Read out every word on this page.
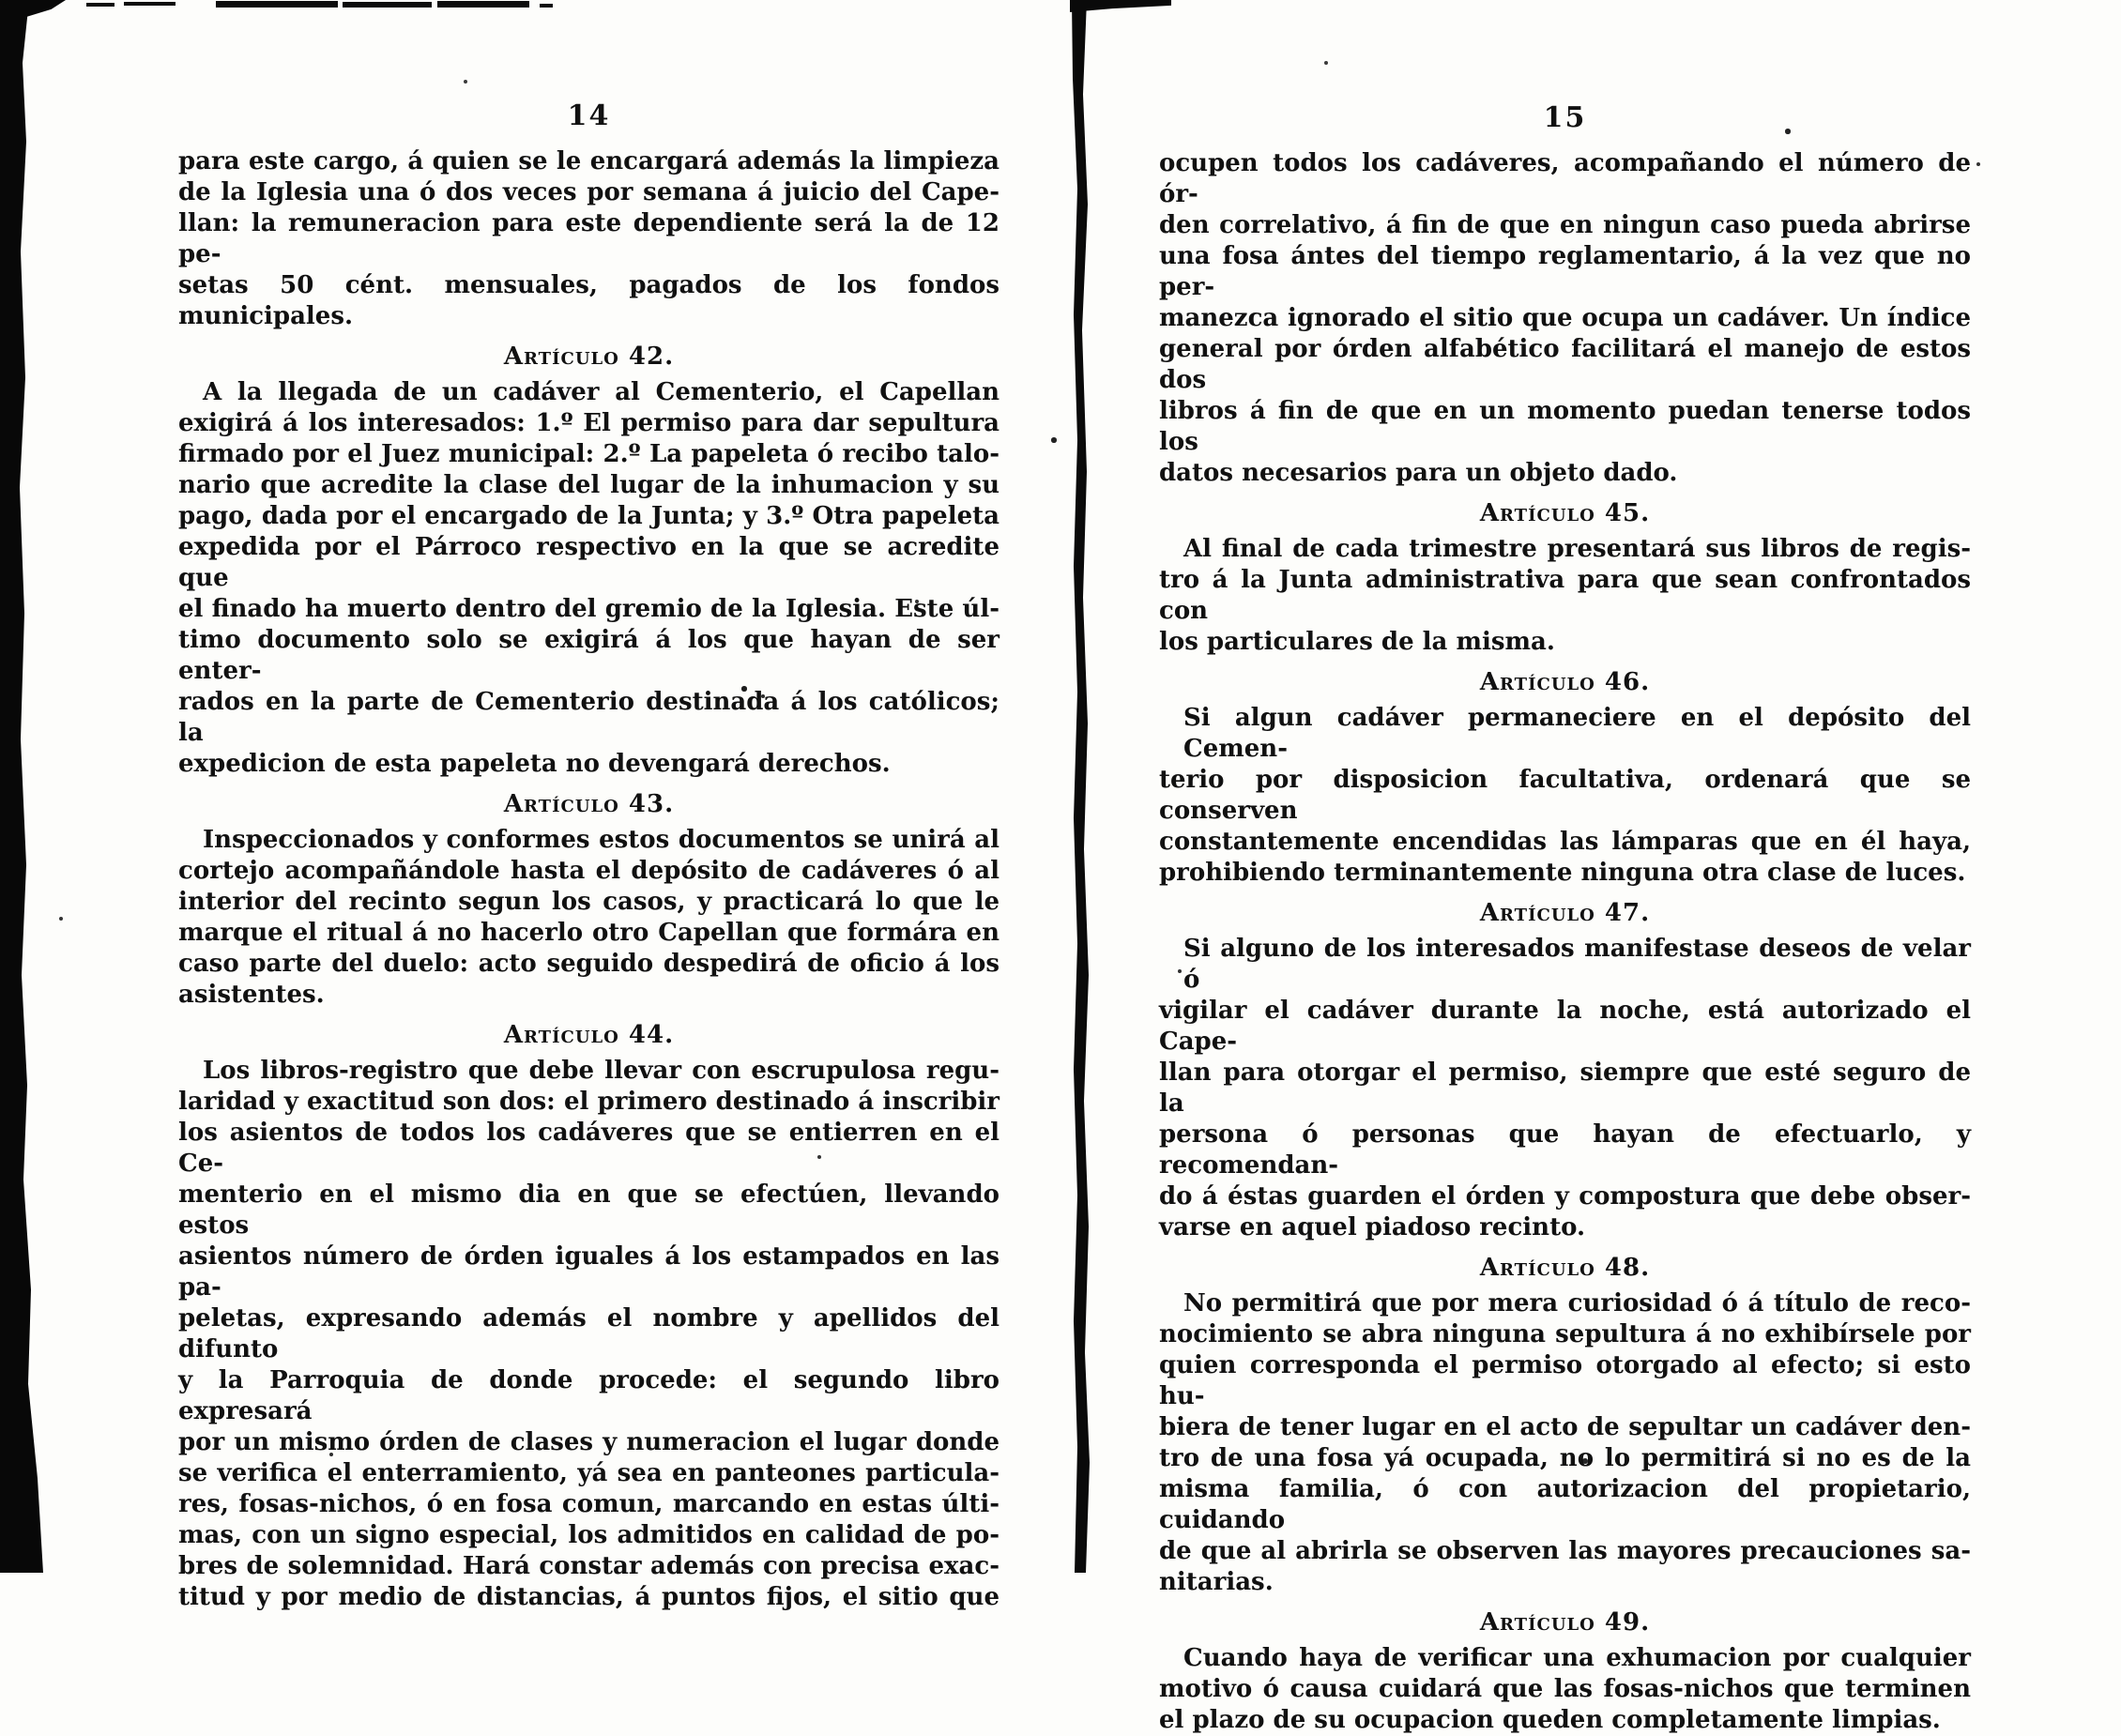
14
para este cargo, á quien se le encargará además la limpieza
de la Iglesia una ó dos veces por semana á juicio del Cape-
llan: la remuneracion para este dependiente será la de 12 pe-
setas 50 cént. mensuales, pagados de los fondos municipales.
Artículo 42.
A la llegada de un cadáver al Cementerio, el Capellan
exigirá á los interesados: 1.º El permiso para dar sepultura
firmado por el Juez municipal: 2.º La papeleta ó recibo talo-
nario que acredite la clase del lugar de la inhumacion y su
pago, dada por el encargado de la Junta; y 3.º Otra papeleta
expedida por el Párroco respectivo en la que se acredite que
el finado ha muerto dentro del gremio de la Iglesia. Este úl-
timo documento solo se exigirá á los que hayan de ser enter-
rados en la parte de Cementerio destinada á los católicos; la
expedicion de esta papeleta no devengará derechos.
Artículo 43.
Inspeccionados y conformes estos documentos se unirá al
cortejo acompañándole hasta el depósito de cadáveres ó al
interior del recinto segun los casos, y practicará lo que le
marque el ritual á no hacerlo otro Capellan que formára en
caso parte del duelo: acto seguido despedirá de oficio á los
asistentes.
Artículo 44.
Los libros-registro que debe llevar con escrupulosa regu-
laridad y exactitud son dos: el primero destinado á inscribir
los asientos de todos los cadáveres que se entierren en el Ce-
menterio en el mismo dia en que se efectúen, llevando estos
asientos número de órden iguales á los estampados en las pa-
peletas, expresando además el nombre y apellidos del difunto
y la Parroquia de donde procede: el segundo libro expresará
por un mismo órden de clases y numeracion el lugar donde
se verifica el enterramiento, yá sea en panteones particula-
res, fosas-nichos, ó en fosa comun, marcando en estas últi-
mas, con un signo especial, los admitidos en calidad de po-
bres de solemnidad. Hará constar además con precisa exac-
titud y por medio de distancias, á puntos fijos, el sitio que
15
ocupen todos los cadáveres, acompañando el número de ór-
den correlativo, á fin de que en ningun caso pueda abrirse
una fosa ántes del tiempo reglamentario, á la vez que no per-
manezca ignorado el sitio que ocupa un cadáver. Un índice
general por órden alfabético facilitará el manejo de estos dos
libros á fin de que en un momento puedan tenerse todos los
datos necesarios para un objeto dado.
Artículo 45.
Al final de cada trimestre presentará sus libros de regis-
tro á la Junta administrativa para que sean confrontados con
los particulares de la misma.
Artículo 46.
Si algun cadáver permaneciere en el depósito del Cemen-
terio por disposicion facultativa, ordenará que se conserven
constantemente encendidas las lámparas que en él haya,
prohibiendo terminantemente ninguna otra clase de luces.
Artículo 47.
Si alguno de los interesados manifestase deseos de velar ó
vigilar el cadáver durante la noche, está autorizado el Cape-
llan para otorgar el permiso, siempre que esté seguro de la
persona ó personas que hayan de efectuarlo, y recomendan-
do á éstas guarden el órden y compostura que debe obser-
varse en aquel piadoso recinto.
Artículo 48.
No permitirá que por mera curiosidad ó á título de reco-
nocimiento se abra ninguna sepultura á no exhibírsele por
quien corresponda el permiso otorgado al efecto; si esto hu-
biera de tener lugar en el acto de sepultar un cadáver den-
tro de una fosa yá ocupada, no lo permitirá si no es de la
misma familia, ó con autorizacion del propietario, cuidando
de que al abrirla se observen las mayores precauciones sa-
nitarias.
Artículo 49.
Cuando haya de verificar una exhumacion por cualquier
motivo ó causa cuidará que las fosas-nichos que terminen
el plazo de su ocupacion queden completamente limpias.
